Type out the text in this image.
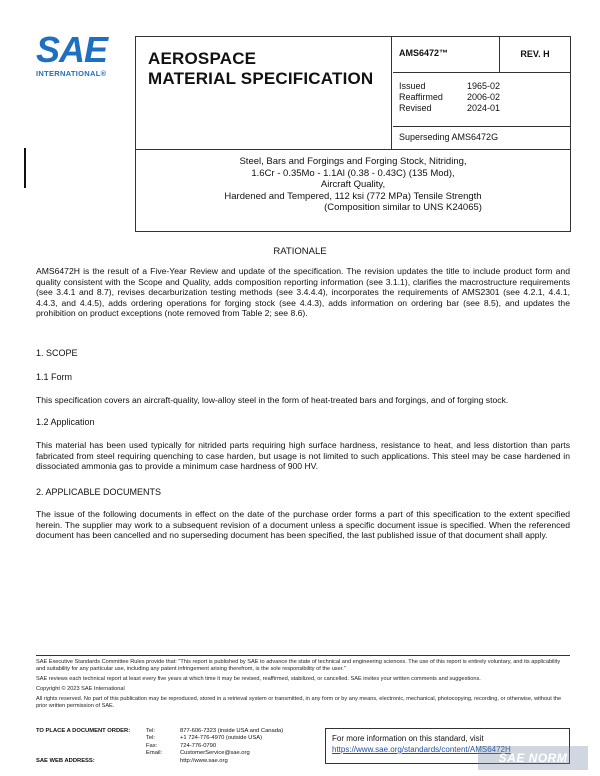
SAE
INTERNATIONAL®
AEROSPACE
MATERIAL SPECIFICATION
AMS6472™	REV. H
Issued	1965-02
Reaffirmed	2006-02
Revised	2024-01
Superseding AMS6472G
Steel, Bars and Forgings and Forging Stock, Nitriding,
1.6Cr - 0.35Mo - 1.1Al (0.38 - 0.43C) (135 Mod),
Aircraft Quality,
Hardened and Tempered, 112 ksi (772 MPa) Tensile Strength
(Composition similar to UNS K24065)
RATIONALE
AMS6472H is the result of a Five-Year Review and update of the specification. The revision updates the title to include product form and quality consistent with the Scope and Quality, adds composition reporting information (see 3.1.1), clarifies the macrostructure requirements (see 3.4.1 and 8.7), revises decarburization testing methods (see 3.4.4.4), incorporates the requirements of AMS2301 (see 4.2.1, 4.4.1, 4.4.3, and 4.4.5), adds ordering operations for forging stock (see 4.4.3), adds information on ordering bar (see 8.5), and updates the prohibition on product exceptions (note removed from Table 2; see 8.6).
1. SCOPE
1.1 Form
This specification covers an aircraft-quality, low-alloy steel in the form of heat-treated bars and forgings, and of forging stock.
1.2 Application
This material has been used typically for nitrided parts requiring high surface hardness, resistance to heat, and less distortion than parts fabricated from steel requiring quenching to case harden, but usage is not limited to such applications. This steel may be case hardened in dissociated ammonia gas to provide a minimum case hardness of 900 HV.
2. APPLICABLE DOCUMENTS
The issue of the following documents in effect on the date of the purchase order forms a part of this specification to the extent specified herein. The supplier may work to a subsequent revision of a document unless a specific document issue is specified. When the referenced document has been cancelled and no superseding document has been specified, the last published issue of that document shall apply.

SAE Executive Standards Committee Rules provide that: "This report is published by SAE to advance the state of technical and engineering sciences. The use of this report is entirely voluntary, and its applicability and suitability for any particular use, including any patent infringement arising therefrom, is the sole responsibility of the user."

SAE reviews each technical report at least every five years at which time it may be revised, reaffirmed, stabilized, or cancelled. SAE invites your written comments and suggestions.

Copyright © 2023 SAE International

All rights reserved. No part of this publication may be reproduced, stored in a retrieval system or transmitted, in any form or by any means, electronic, mechanical, photocopying, recording, or otherwise, without the prior written permission of SAE.

TO PLACE A DOCUMENT ORDER:	Tel:	877-606-7323 (inside USA and Canada)
Tel:	+1 724-776-4970 (outside USA)
Fax:	724-776-0790
Email:	CustomerService@sae.org
SAE WEB ADDRESS:	http://www.sae.org
For more information on this standard, visit
https://www.sae.org/standards/content/AMS6472H
SAE NORM
